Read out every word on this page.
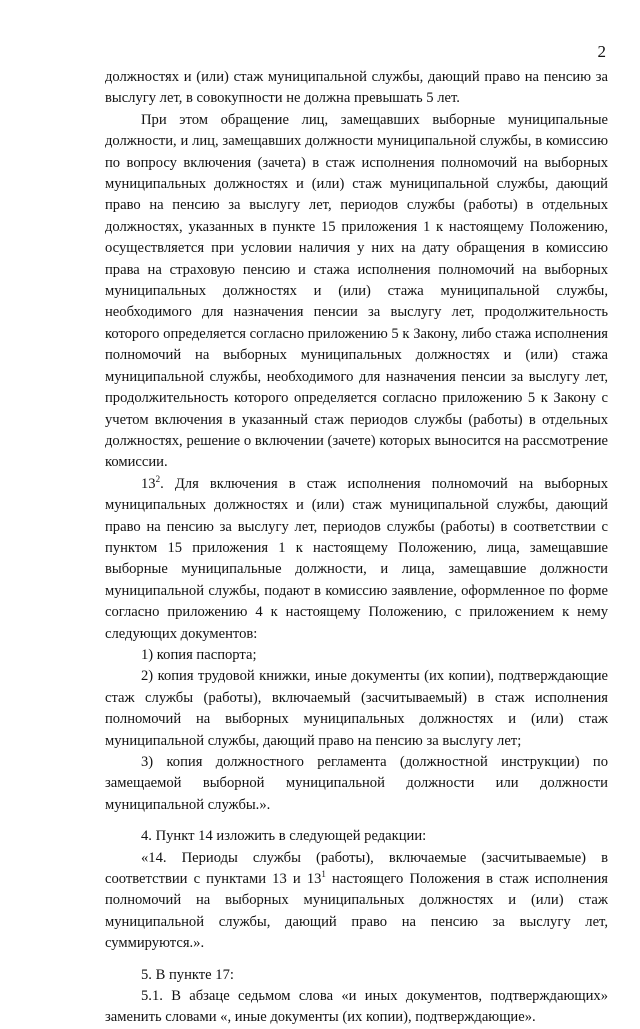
2

должностях и (или) стаж муниципальной службы, дающий право на пенсию за выслугу лет, в совокупности не должна превышать 5 лет.

При этом обращение лиц, замещавших выборные муниципальные должности, и лиц, замещавших должности муниципальной службы, в комиссию по вопросу включения (зачета) в стаж исполнения полномочий на выборных муниципальных должностях и (или) стаж муниципальной службы, дающий право на пенсию за выслугу лет, периодов службы (работы) в отдельных должностях, указанных в пункте 15 приложения 1 к настоящему Положению, осуществляется при условии наличия у них на дату обращения в комиссию права на страховую пенсию и стажа исполнения полномочий на выборных муниципальных должностях и (или) стажа муниципальной службы, необходимого для назначения пенсии за выслугу лет, продолжительность которого определяется согласно приложению 5 к Закону, либо стажа исполнения полномочий на выборных муниципальных должностях и (или) стажа муниципальной службы, необходимого для назначения пенсии за выслугу лет, продолжительность которого определяется согласно приложению 5 к Закону с учетом включения в указанный стаж периодов службы (работы) в отдельных должностях, решение о включении (зачете) которых выносится на рассмотрение комиссии.

$13^2$. Для включения в стаж исполнения полномочий на выборных муниципальных должностях и (или) стаж муниципальной службы, дающий право на пенсию за выслугу лет, периодов службы (работы) в соответствии с пунктом 15 приложения 1 к настоящему Положению, лица, замещавшие выборные муниципальные должности, и лица, замещавшие должности муниципальной службы, подают в комиссию заявление, оформленное по форме согласно приложению 4 к настоящему Положению, с приложением к нему следующих документов:

1) копия паспорта;

2) копия трудовой книжки, иные документы (их копии), подтверждающие стаж службы (работы), включаемый (засчитываемый) в стаж исполнения полномочий на выборных муниципальных должностях и (или) стаж муниципальной службы, дающий право на пенсию за выслугу лет;

3) копия должностного регламента (должностной инструкции) по замещаемой выборной муниципальной должности или должности муниципальной службы.».

4. Пункт 14 изложить в следующей редакции:

«14. Периоды службы (работы), включаемые (засчитываемые) в соответствии с пунктами 13 и $13^1$ настоящего Положения в стаж исполнения полномочий на выборных муниципальных должностях и (или) стаж муниципальной службы, дающий право на пенсию за выслугу лет, суммируются.».

5. В пункте 17:

5.1. В абзаце седьмом слова «и иных документов, подтверждающих» заменить словами «, иные документы (их копии), подтверждающие».
